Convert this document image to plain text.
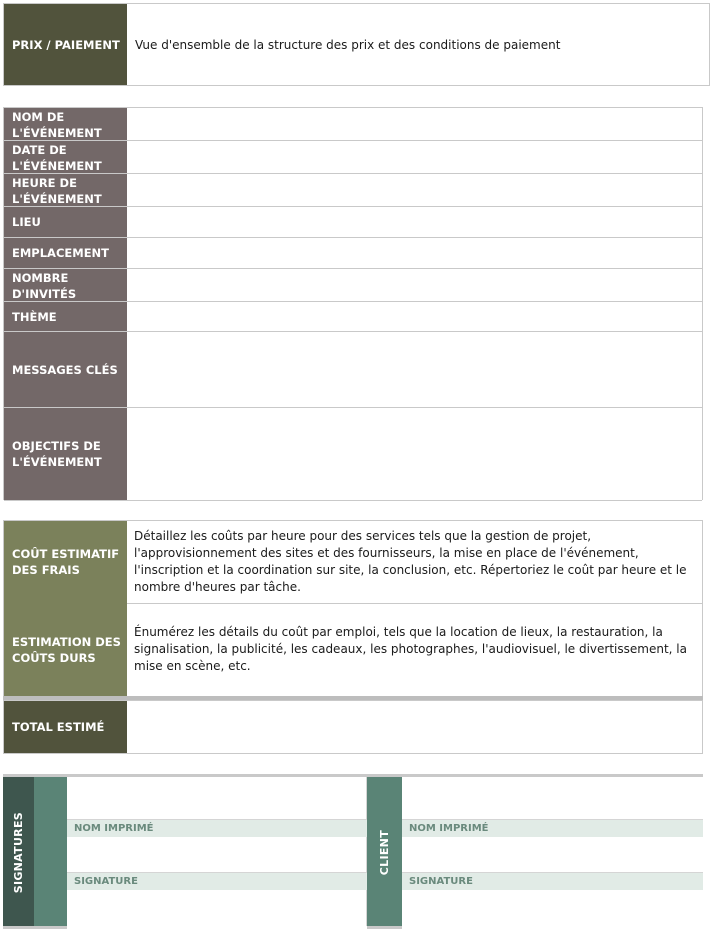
PRIX / PAIEMENT Vue d'ensemble de la structure des prix et des conditions de paiement
NOM DE L'ÉVÉNEMENT
DATE DE L'ÉVÉNEMENT
HEURE DE L'ÉVÉNEMENT
LIEU
EMPLACEMENT
NOMBRE D'INVITÉS
THÈME
MESSAGES CLÉS
OBJECTIFS DE L'ÉVÉNEMENT
COÛT ESTIMATIF DES FRAIS
Détaillez les coûts par heure pour des services tels que la gestion de projet, l'approvisionnement des sites et des fournisseurs, la mise en place de l'événement, l'inscription et la coordination sur site, la conclusion, etc. Répertoriez le coût par heure et le nombre d'heures par tâche.
ESTIMATION DES COÛTS DURS
Énumérez les détails du coût par emploi, tels que la location de lieux, la restauration, la signalisation, la publicité, les cadeaux, les photographes, l'audiovisuel, le divertissement, la mise en scène, etc.
TOTAL ESTIMÉ
SIGNATURES	NOM IMPRIMÉ
SIGNATURE
CLIENT
NOM IMPRIMÉ
SIGNATURE
